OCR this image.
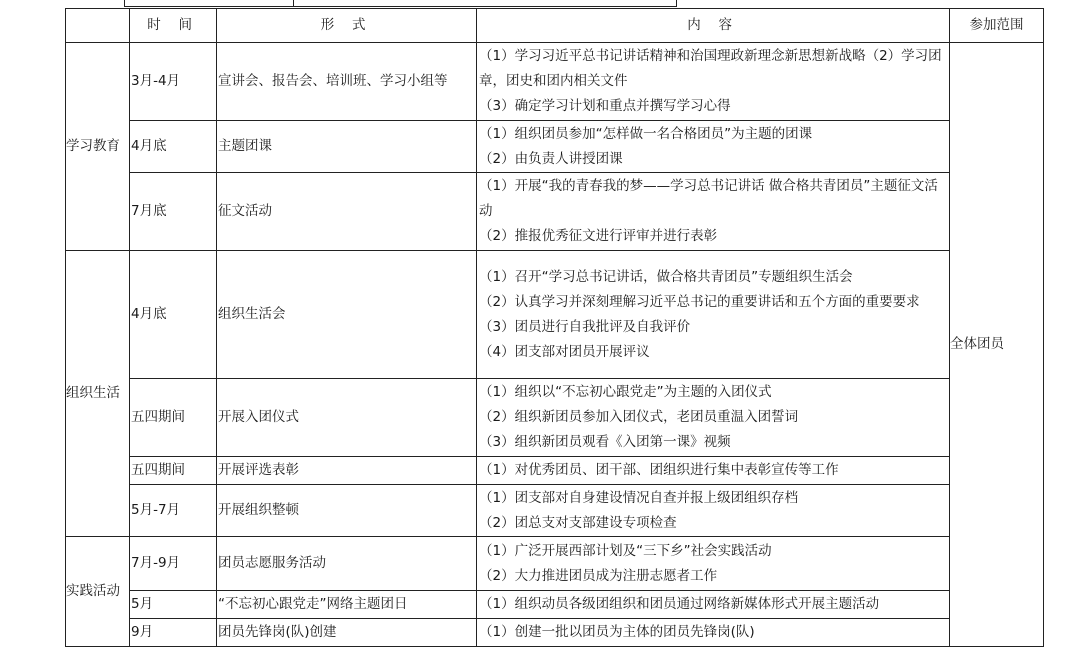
	时 间	形 式	内 容	参加范围
学习教育	3月-4月	宣讲会、报告会、培训班、学习小组等	（1）学习习近平总书记讲话精神和治国理政新理念新思想新战略（2）学习团章，团史和团内相关文件
（3）确定学习计划和重点并撰写学习心得	全体团员
	4月底	主题团课	（1）组织团员参加“怎样做一名合格团员”为主题的团课
（2）由负责人讲授团课	

	7月底	征文活动	（1）开展“我的青春我的梦——学习总书记讲话 做合格共青团员”主题征文活动
（2）推报优秀征文进行评审并进行表彰	

组织生活	4月底	组织生活会	（1）召开“学习总书记讲话，做合格共青团员”专题组织生活会
（2）认真学习并深刻理解习近平总书记的重要讲话和五个方面的重要要求
（3）团员进行自我批评及自我评价
（4）团支部对团员开展评议	

	五四期间	开展入团仪式	（1）组织以“不忘初心跟党走”为主题的入团仪式
（2）组织新团员参加入团仪式，老团员重温入团誓词
（3）组织新团员观看《入团第一课》视频	

	五四期间	开展评选表彰	（1）对优秀团员、团干部、团组织进行集中表彰宣传等工作	

	5月-7月	开展组织整顿	（1）团支部对自身建设情况自查并报上级团组织存档
（2）团总支对支部建设专项检查	

实践活动	7月-9月	团员志愿服务活动	（1）广泛开展西部计划及“三下乡”社会实践活动
（2）大力推进团员成为注册志愿者工作	

	5月	“不忘初心跟党走”网络主题团日	（1）组织动员各级团组织和团员通过网络新媒体形式开展主题活动	

	9月	团员先锋岗(队)创建	（1）创建一批以团员为主体的团员先锋岗(队)	
